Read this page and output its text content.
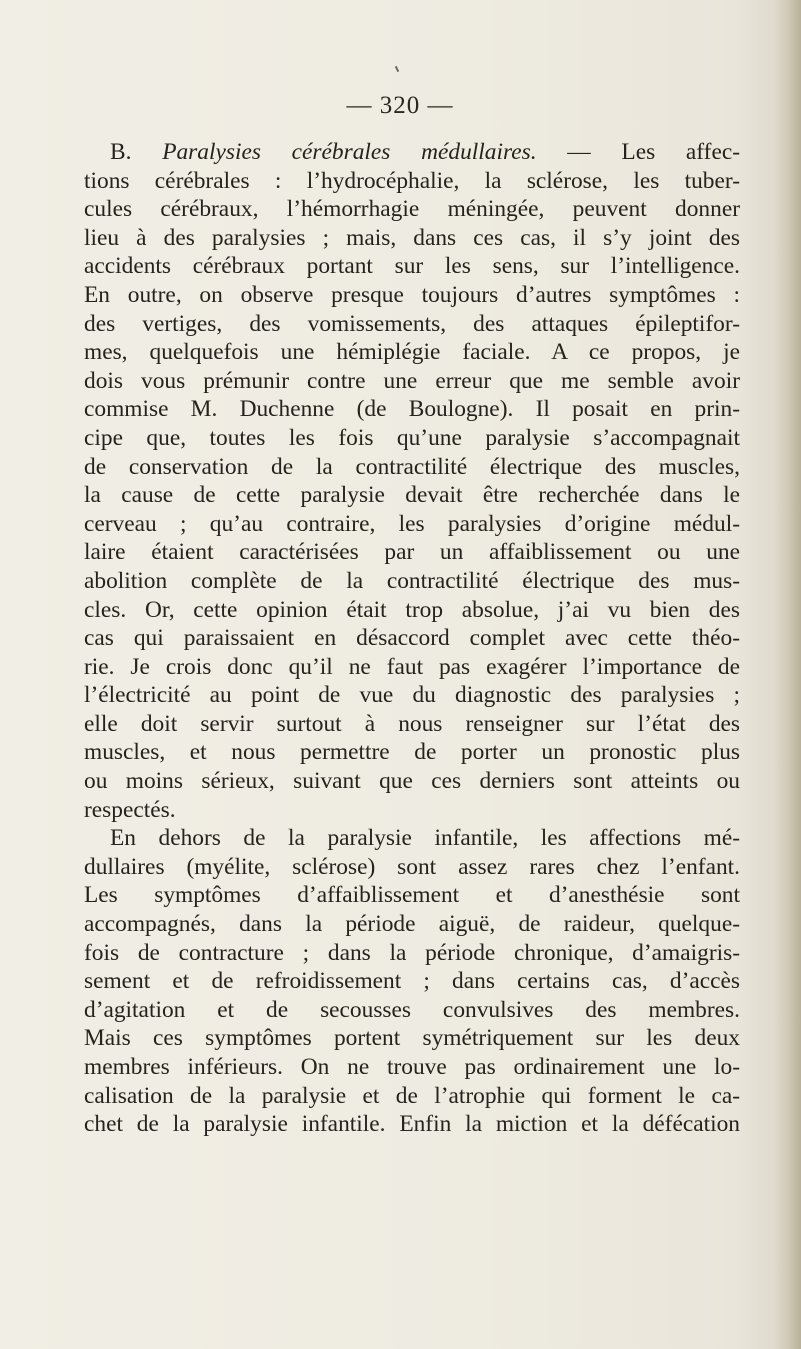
— 320 —
B. Paralysies cérébrales médullaires. — Les affec-
tions cérébrales : l’hydrocéphalie, la sclérose, les tuber-
cules cérébraux, l’hémorrhagie méningée, peuvent donner
lieu à des paralysies ; mais, dans ces cas, il s’y joint des
accidents cérébraux portant sur les sens, sur l’intelligence.
En outre, on observe presque toujours d’autres symptômes :
des vertiges, des vomissements, des attaques épileptifor-
mes, quelquefois une hémiplégie faciale. A ce propos, je
dois vous prémunir contre une erreur que me semble avoir
commise M. Duchenne (de Boulogne). Il posait en prin-
cipe que, toutes les fois qu’une paralysie s’accompagnait
de conservation de la contractilité électrique des muscles,
la cause de cette paralysie devait être recherchée dans le
cerveau ; qu’au contraire, les paralysies d’origine médul-
laire étaient caractérisées par un affaiblissement ou une
abolition complète de la contractilité électrique des mus-
cles. Or, cette opinion était trop absolue, j’ai vu bien des
cas qui paraissaient en désaccord complet avec cette théo-
rie. Je crois donc qu’il ne faut pas exagérer l’importance de
l’électricité au point de vue du diagnostic des paralysies ;
elle doit servir surtout à nous renseigner sur l’état des
muscles, et nous permettre de porter un pronostic plus
ou moins sérieux, suivant que ces derniers sont atteints ou
respectés.
En dehors de la paralysie infantile, les affections mé-
dullaires (myélite, sclérose) sont assez rares chez l’enfant.
Les symptômes d’affaiblissement et d’anesthésie sont
accompagnés, dans la période aiguë, de raideur, quelque-
fois de contracture ; dans la période chronique, d’amaigris-
sement et de refroidissement ; dans certains cas, d’accès
d’agitation et de secousses convulsives des membres.
Mais ces symptômes portent symétriquement sur les deux
membres inférieurs. On ne trouve pas ordinairement une lo-
calisation de la paralysie et de l’atrophie qui forment le ca-
chet de la paralysie infantile. Enfin la miction et la défécation
